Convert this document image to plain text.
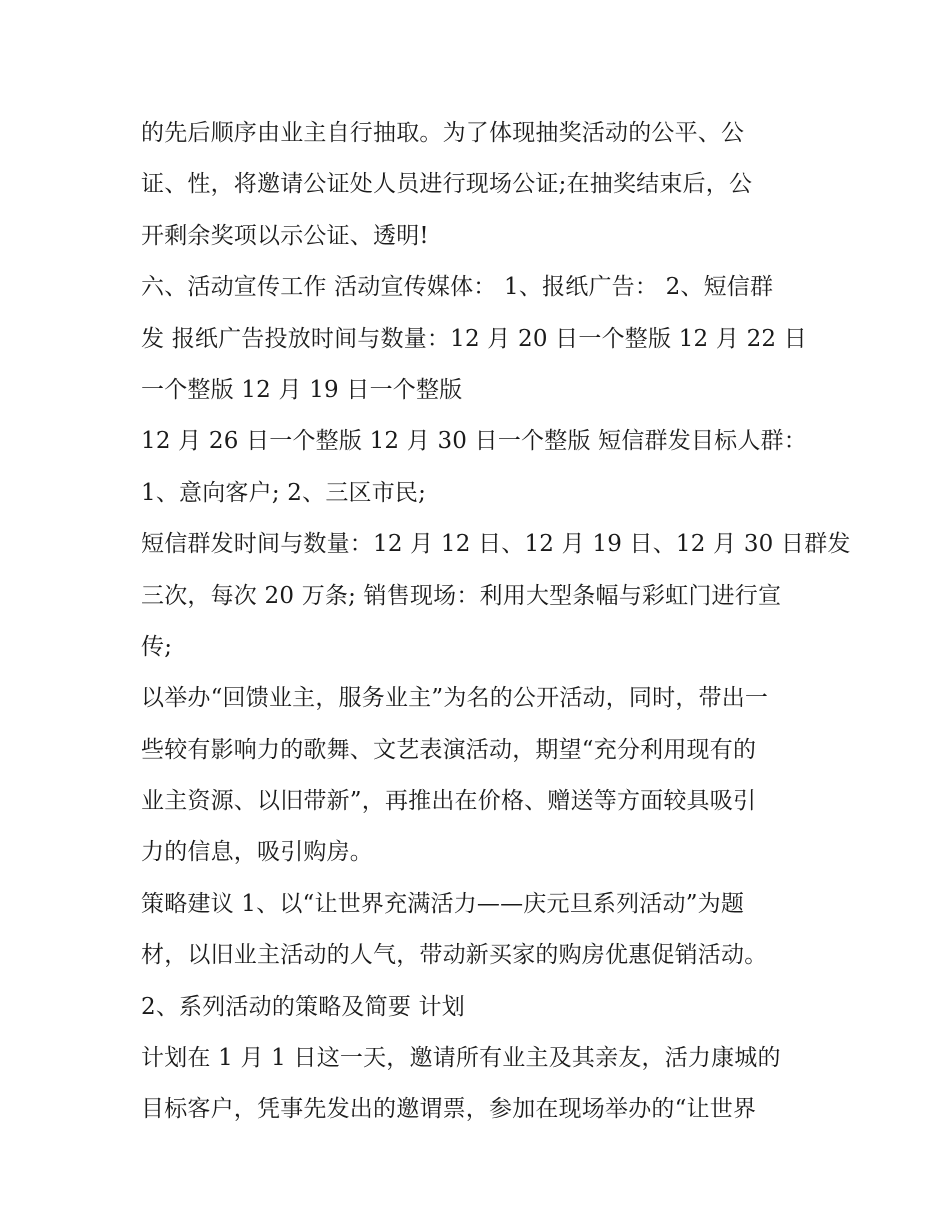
的先后顺序由业主自行抽取。为了体现抽奖活动的公平、公
证、性，将邀请公证处人员进行现场公证;在抽奖结束后，公
开剩余奖项以示公证、透明!
六、活动宣传工作 活动宣传媒体： 1、报纸广告： 2、短信群
发 报纸广告投放时间与数量：12 月 20 日一个整版 12 月 22 日
一个整版 12 月 19 日一个整版
12 月 26 日一个整版 12 月 30 日一个整版 短信群发目标人群：
1、意向客户; 2、三区市民;
短信群发时间与数量：12 月 12 日、12 月 19 日、12 月 30 日群发
三次，每次 20 万条; 销售现场：利用大型条幅与彩虹门进行宣
传;
以举办“回馈业主，服务业主”为名的公开活动，同时，带出一
些较有影响力的歌舞、文艺表演活动，期望“充分利用现有的
业主资源、以旧带新”，再推出在价格、赠送等方面较具吸引
力的信息，吸引购房。
策略建议 1、以“让世界充满活力——庆元旦系列活动”为题
材，以旧业主活动的人气，带动新买家的购房优惠促销活动。
2、系列活动的策略及简要 计划
计划在 1 月 1 日这一天，邀请所有业主及其亲友，活力康城的
目标客户，凭事先发出的邀谓票，参加在现场举办的“让世界
